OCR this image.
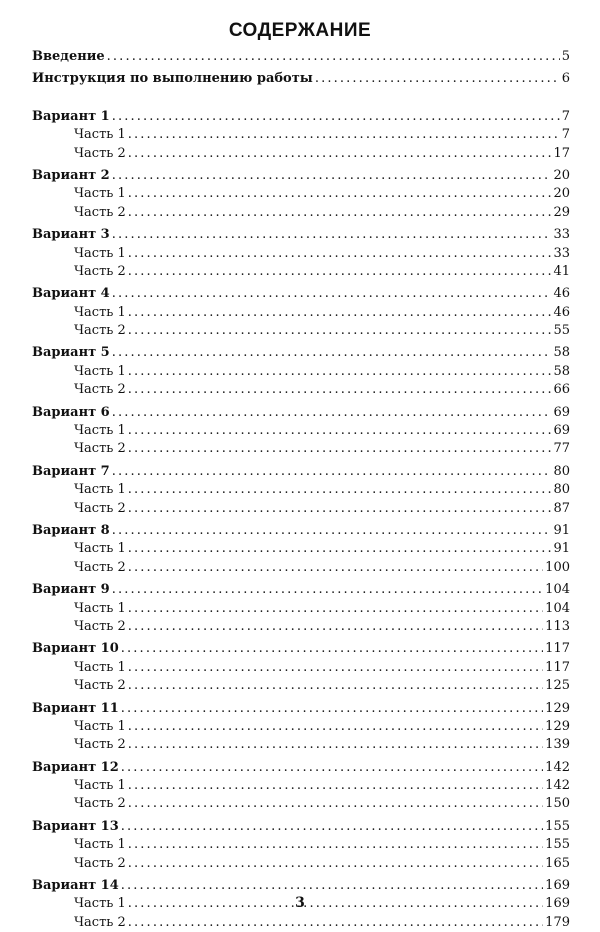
СОДЕРЖАНИЕ
Введение . . .	5
Инструкция по выполнению работы . . .	6
Вариант 1 . . .	7
Часть 1 . . .	7
Часть 2 . . .	17
Вариант 2 . . .	20
Часть 1 . . .	20
Часть 2 . . .	29
Вариант 3 . . .	33
Часть 1 . . .	33
Часть 2 . . .	41
Вариант 4 . . .	46
Часть 1 . . .	46
Часть 2 . . .	55
Вариант 5 . . .	58
Часть 1 . . .	58
Часть 2 . . .	66
Вариант 6 . . .	69
Часть 1 . . .	69
Часть 2 . . .	77
Вариант 7 . . .	80
Часть 1 . . .	80
Часть 2 . . .	87
Вариант 8 . . .	91
Часть 1 . . .	91
Часть 2 . . .	100
Вариант 9 . . .	104
Часть 1 . . .	104
Часть 2 . . .	113
Вариант 10 . . .	117
Часть 1 . . .	117
Часть 2 . . .	125
Вариант 11 . . .	129
Часть 1 . . .	129
Часть 2 . . .	139
Вариант 12 . . .	142
Часть 1 . . .	142
Часть 2 . . .	150
Вариант 13 . . .	155
Часть 1 . . .	155
Часть 2 . . .	165
Вариант 14 . . .	169
Часть 1 . . .	169
Часть 2 . . .	179
3
